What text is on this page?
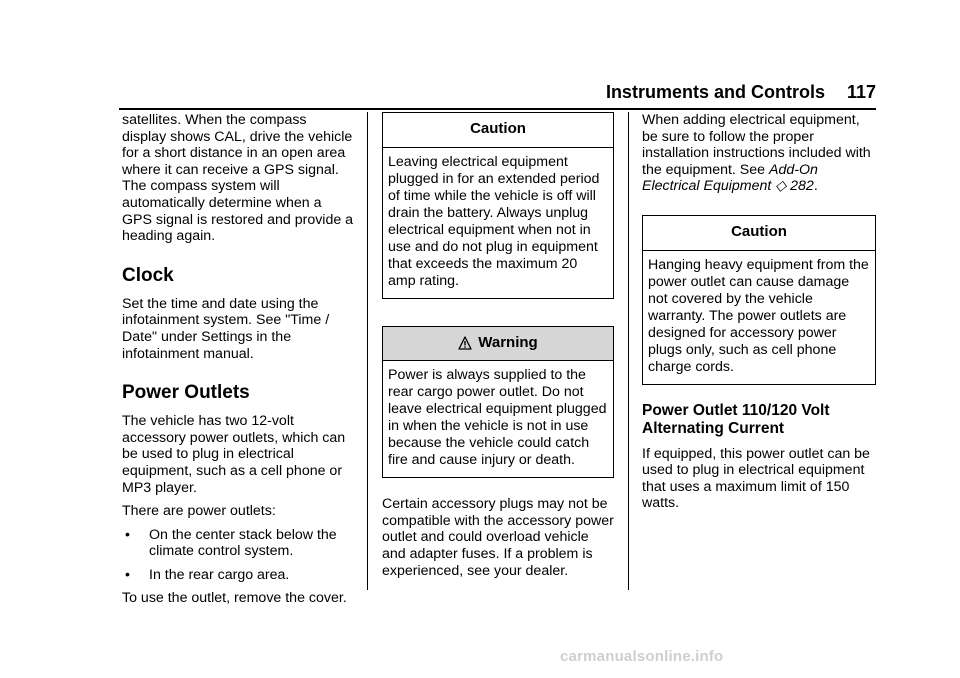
Instruments and Controls 117

satellites. When the compass display shows CAL, drive the vehicle for a short distance in an open area where it can receive a GPS signal. The compass system will automatically determine when a GPS signal is restored and provide a heading again.

Clock

Set the time and date using the infotainment system. See "Time / Date" under Settings in the infotainment manual.

Power Outlets

The vehicle has two 12-volt accessory power outlets, which can be used to plug in electrical equipment, such as a cell phone or MP3 player.

There are power outlets:

•	On the center stack below the climate control system.
•	In the rear cargo area.

To use the outlet, remove the cover.

Caution
Leaving electrical equipment plugged in for an extended period of time while the vehicle is off will drain the battery. Always unplug electrical equipment when not in use and do not plug in equipment that exceeds the maximum 20 amp rating.
Warning
Power is always supplied to the rear cargo power outlet. Do not leave electrical equipment plugged in when the vehicle is not in use because the vehicle could catch fire and cause injury or death.

Certain accessory plugs may not be compatible with the accessory power outlet and could overload vehicle and adapter fuses. If a problem is experienced, see your dealer.

When adding electrical equipment, be sure to follow the proper installation instructions included with the equipment. See Add-On Electrical Equipment ◇ 282.

Caution
Hanging heavy equipment from the power outlet can cause damage not covered by the vehicle warranty. The power outlets are designed for accessory power plugs only, such as cell phone charge cords.
Power Outlet 110/120 Volt Alternating Current

If equipped, this power outlet can be used to plug in electrical equipment that uses a maximum limit of 150 watts.

carmanualsonline.info
